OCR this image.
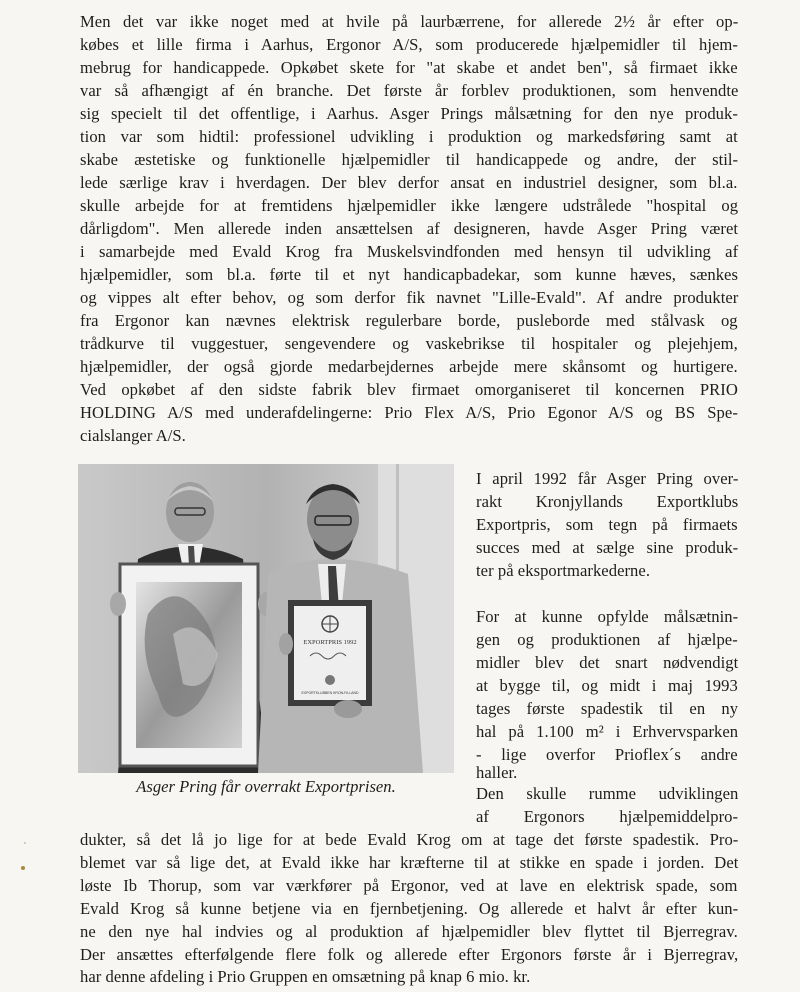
Men det var ikke noget med at hvile på laurbærrene, for allerede 2½ år efter op-
købes et lille firma i Aarhus, Ergonor A/S, som producerede hjælpemidler til hjem-
mebrug for handicappede. Opkøbet skete for "at skabe et andet ben", så firmaet ikke
var så afhængigt af én branche. Det første år forblev produktionen, som henvendte
sig specielt til det offentlige, i Aarhus. Asger Prings målsætning for den nye produk-
tion var som hidtil: professionel udvikling i produktion og markedsføring samt at
skabe æstetiske og funktionelle hjælpemidler til handicappede og andre, der stil-
lede særlige krav i hverdagen. Der blev derfor ansat en industriel designer, som bl.a.
skulle arbejde for at fremtidens hjælpemidler ikke længere udstrålede "hospital og
dårligdom". Men allerede inden ansættelsen af designeren, havde Asger Pring været
i samarbejde med Evald Krog fra Muskelsvindfonden med hensyn til udvikling af
hjælpemidler, som bl.a. førte til et nyt handicapbadekar, som kunne hæves, sænkes
og vippes alt efter behov, og som derfor fik navnet "Lille-Evald". Af andre produkter
fra Ergonor kan nævnes elektrisk regulerbare borde, pusleborde med stålvask og
trådkurve til vuggestuer, sengevendere og vaskebrikse til hospitaler og plejehjem,
hjælpemidler, der også gjorde medarbejdernes arbejde mere skånsomt og hurtigere.
Ved opkøbet af den sidste fabrik blev firmaet omorganiseret til koncernen PRIO
HOLDING A/S med underafdelingerne: Prio Flex A/S, Prio Egonor A/S og BS Spe-
cialslanger A/S.
EXPORTPRIS 1992
EXPORTKLUBBEN KRONJYLLAND
Asger Pring får overrakt Exportprisen.
I april 1992 får Asger Pring over-
rakt Kronjyllands Exportklubs
Exportpris, som tegn på firmaets
succes med at sælge sine produk-
ter på eksportmarkederne.
For at kunne opfylde målsætnin-
gen og produktionen af hjælpe-
midler blev det snart nødvendigt
at bygge til, og midt i maj 1993
tages første spadestik til en ny
hal på 1.100 m² i Erhvervsparken
- lige overfor Prioflex´s andre
haller.
Den skulle rumme udviklingen
af Ergonors hjælpemiddelpro-
dukter, så det lå jo lige for at bede Evald Krog om at tage det første spadestik. Pro-
blemet var så lige det, at Evald ikke har kræfterne til at stikke en spade i jorden. Det
løste Ib Thorup, som var værkfører på Ergonor, ved at lave en elektrisk spade, som
Evald Krog så kunne betjene via en fjernbetjening. Og allerede et halvt år efter kun-
ne den nye hal indvies og al produktion af hjælpemidler blev flyttet til Bjerregrav.
Der ansættes efterfølgende flere folk og allerede efter Ergonors første år i Bjerregrav,
har denne afdeling i Prio Gruppen en omsætning på knap 6 mio. kr.
